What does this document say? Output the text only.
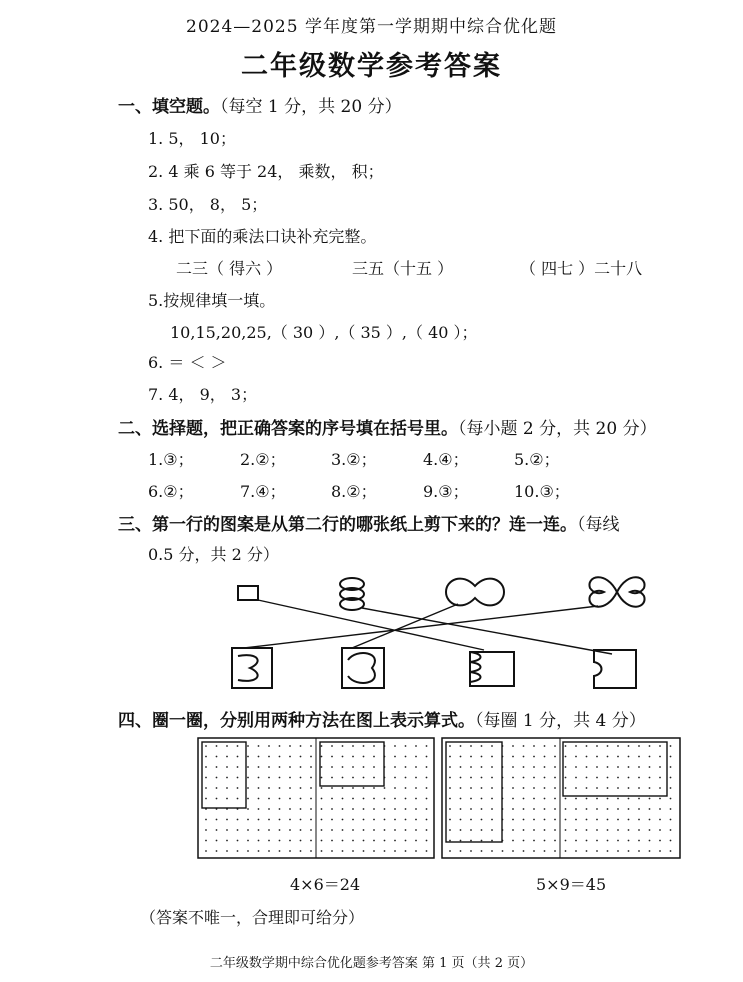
2024—2025 学年度第一学期期中综合优化题
二年级数学参考答案
一、填空题。（每空 1 分，共 20 分）
1. 5， 10；
2. 4 乘 6 等于 24， 乘数， 积；
3. 50， 8， 5；
4. 把下面的乘法口诀补充完整。
二三（ 得六 ）	三五（十五 ）	（ 四七 ）二十八
5.按规律填一填。
10,15,20,25,（ 30 ）,（ 35 ）,（ 40 ）；
6. ＝ ＜ ＞
7. 4， 9， 3；
二、选择题，把正确答案的序号填在括号里。（每小题 2 分，共 20 分）
1.③；	2.②；	3.②；	4.④；	5.②；
6.②；	7.④；	8.②；	9.③；	10.③；
三、第一行的图案是从第二行的哪张纸上剪下来的？连一连。（每线
0.5 分，共 2 分）
四、圈一圈，分别用两种方法在图上表示算式。（每圈 1 分，共 4 分）
4×6＝24	5×9＝45
（答案不唯一，合理即可给分）
二年级数学期中综合优化题参考答案 第 1 页（共 2 页）
